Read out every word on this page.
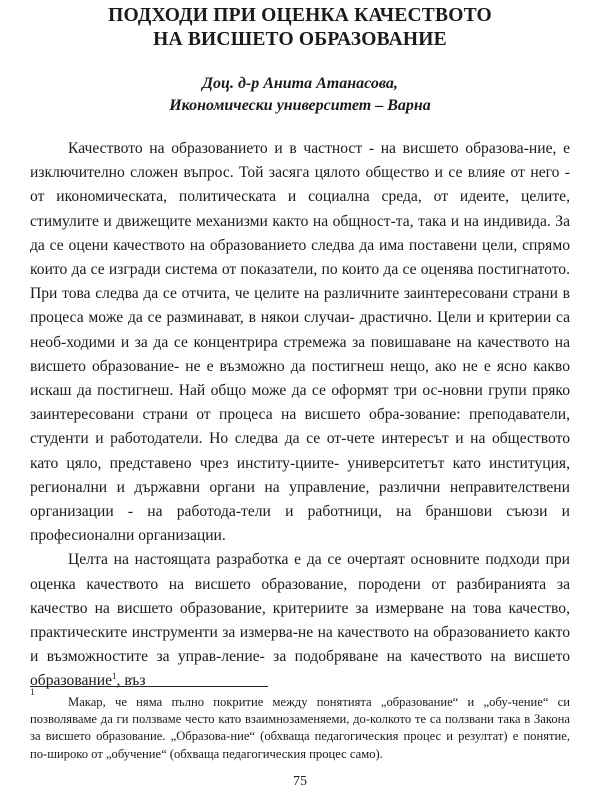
ПОДХОДИ ПРИ ОЦЕНКА КАЧЕСТВОТО
НА ВИСШЕТО ОБРАЗОВАНИЕ
Доц. д-р Анита Атанасова,
Икономически университет – Варна

Качеството на образованието и в частност - на висшето образова-ние, е изключително сложен въпрос. Той засяга цялото общество и се влияе от него - от икономическата, политическата и социална среда, от идеите, целите, стимулите и движещите механизми както на общност-та, така и на индивида. За да се оцени качеството на образованието следва да има поставени цели, спрямо които да се изгради система от показатели, по които да се оценява постигнатото. При това следва да се отчита, че целите на различните заинтересовани страни в процеса може да се разминават, в някои случаи- драстично. Цели и критерии са необ-ходими и за да се концентрира стремежа за повишаване на качеството на висшето образование- не е възможно да постигнеш нещо, ако не е ясно какво искаш да постигнеш. Най общо може да се оформят три ос-новни групи пряко заинтересовани страни от процеса на висшето обра-зование: преподаватели, студенти и работодатели. Но следва да се от-чете интересът и на обществото като цяло, представено чрез институ-циите- университетът като институция, регионални и държавни органи на управление, различни неправителствени организации - на работода-тели и работници, на браншови съюзи и професионални организации.

Целта на настоящата разработка е да се очертаят основните подходи при оценка качеството на висшето образование, породени от разбиранията за качество на висшето образование, критериите за измерване на това качество, практическите инструменти за измерва-не на качеството на образованието както и възможностите за управ-ление- за подобряване на качеството на висшето образование$^1$, въз

1
Макар, че няма пълно покритие между понятията „образование“ и „обу-чение“ си позволяваме да ги ползваме често като взаимнозаменяеми, до-колкото те са ползвани така в Закона за висшето образование. „Образова-ние“ (обхваща педагогическия процес и резултат) е понятие, по-широко от „обучение“ (обхваща педагогическия процес само).
75
